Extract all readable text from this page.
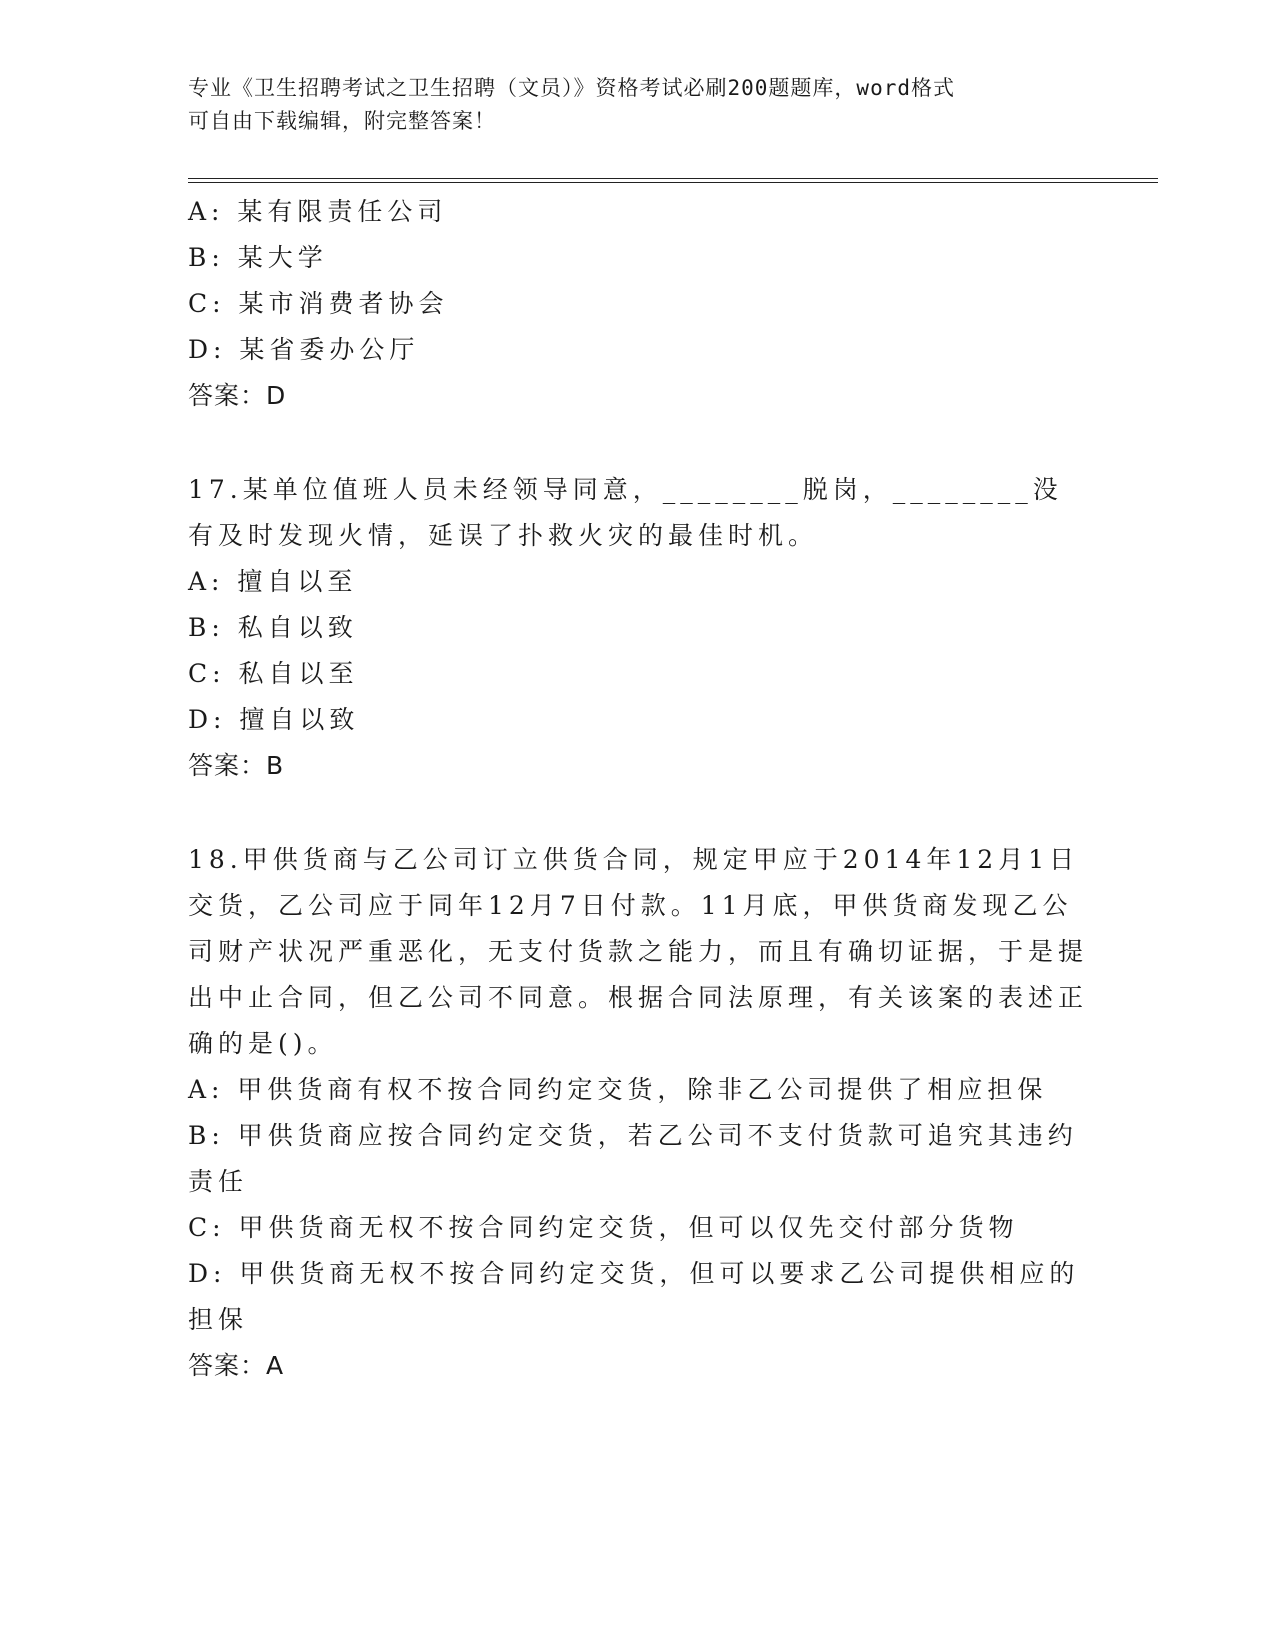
专业《卫生招聘考试之卫生招聘（文员）》资格考试必刷200题题库，word格式
可自由下载编辑，附完整答案！
A: 某有限责任公司
B: 某大学
C: 某市消费者协会
D: 某省委办公厅
答案：D
17.某单位值班人员未经领导同意，________脱岗，________没有及时发现火情，延误了扑救火灾的最佳时机。
A: 擅自以至
B: 私自以致
C: 私自以至
D: 擅自以致
答案：B
18.甲供货商与乙公司订立供货合同，规定甲应于2014年12月1日交货，乙公司应于同年12月7日付款。11月底，甲供货商发现乙公司财产状况严重恶化，无支付货款之能力，而且有确切证据，于是提出中止合同，但乙公司不同意。根据合同法原理，有关该案的表述正确的是()。
A: 甲供货商有权不按合同约定交货，除非乙公司提供了相应担保
B: 甲供货商应按合同约定交货，若乙公司不支付货款可追究其违约责任
C: 甲供货商无权不按合同约定交货，但可以仅先交付部分货物
D: 甲供货商无权不按合同约定交货，但可以要求乙公司提供相应的担保
答案：A
